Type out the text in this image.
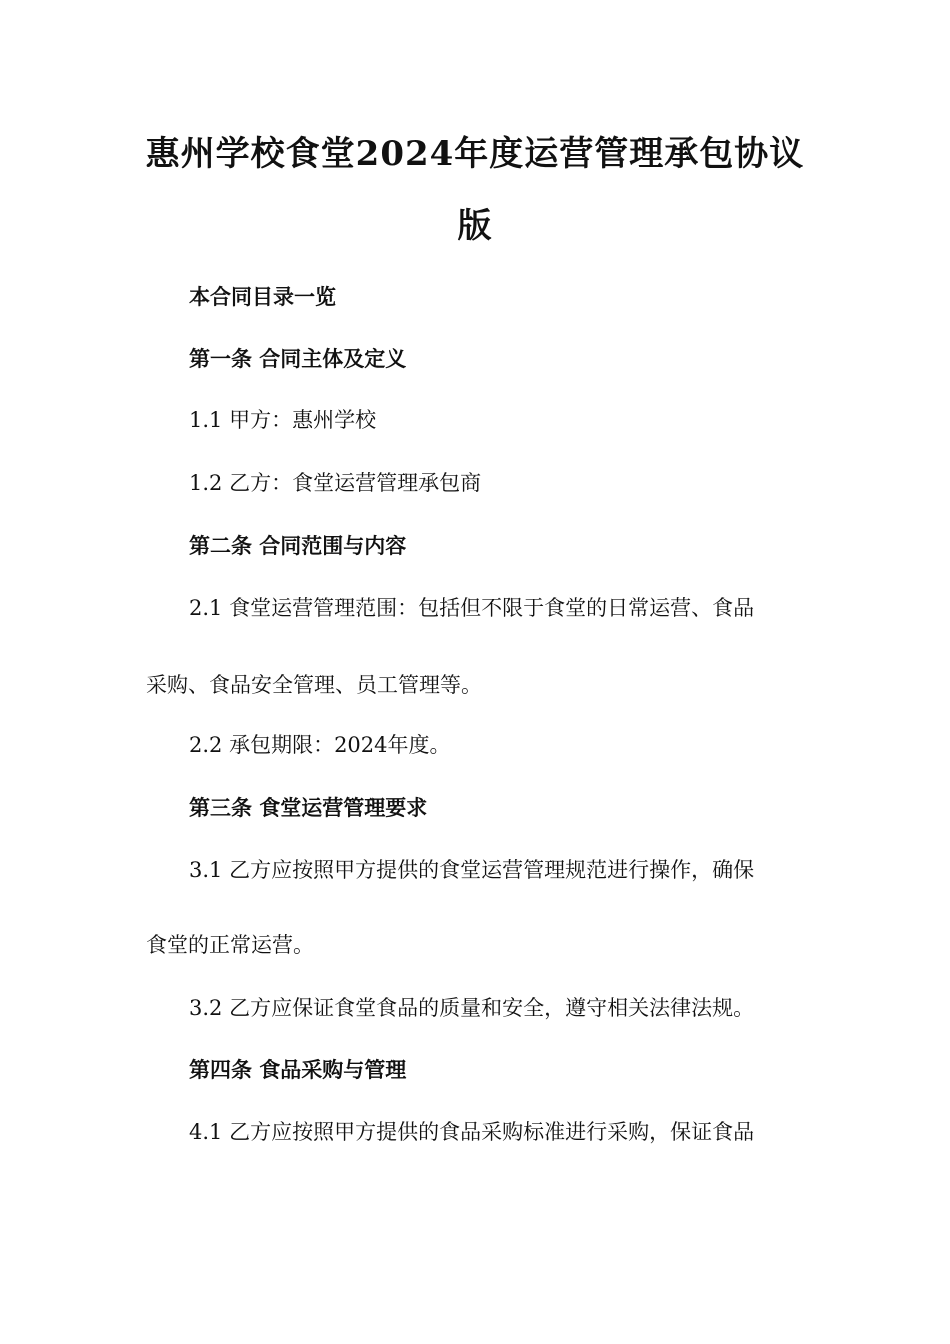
惠州学校食堂2024年度运营管理承包协议
版
本合同目录一览
第一条 合同主体及定义
1.1 甲方：惠州学校
1.2 乙方：食堂运营管理承包商
第二条 合同范围与内容
2.1 食堂运营管理范围：包括但不限于食堂的日常运营、食品
采购、食品安全管理、员工管理等。
2.2 承包期限：2024年度。
第三条 食堂运营管理要求
3.1 乙方应按照甲方提供的食堂运营管理规范进行操作，确保
食堂的正常运营。
3.2 乙方应保证食堂食品的质量和安全，遵守相关法律法规。
第四条 食品采购与管理
4.1 乙方应按照甲方提供的食品采购标准进行采购，保证食品
